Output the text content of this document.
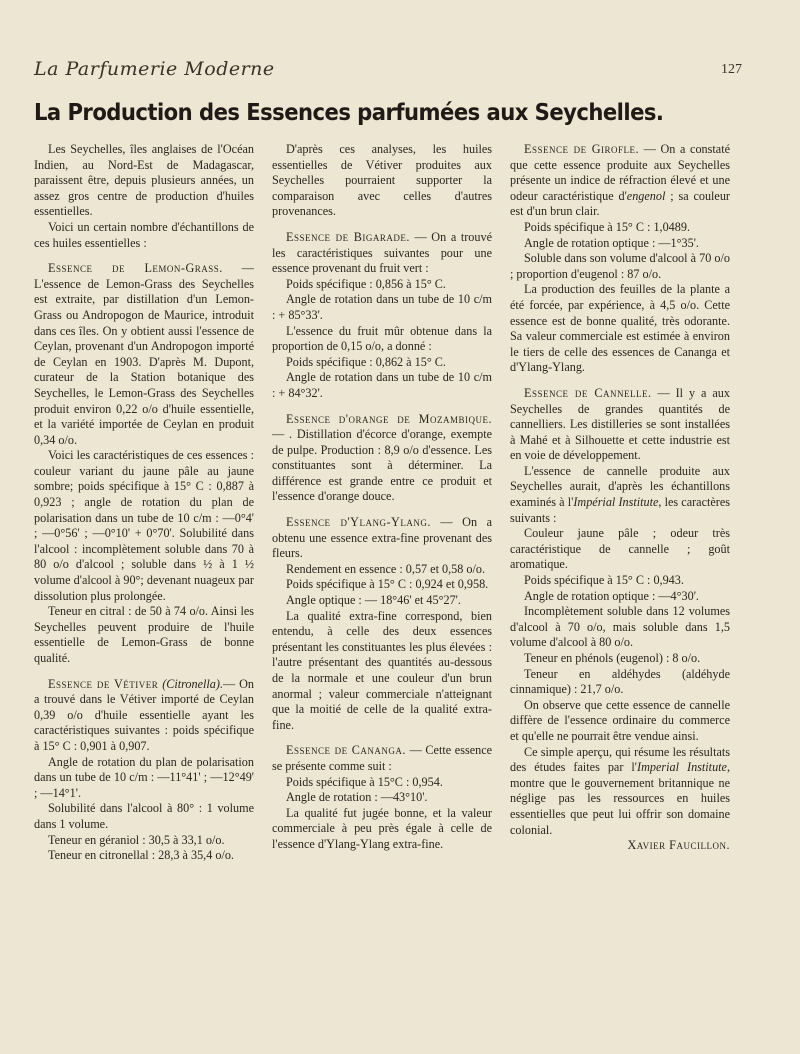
La Parfumerie Moderne	127
La Production des Essences parfumées aux Seychelles.

Les Seychelles, îles anglaises de l'Océan Indien, au Nord-Est de Madagascar, paraissent être, depuis plusieurs années, un assez gros centre de production d'huiles essentielles.

Voici un certain nombre d'échantillons de ces huiles essentielles :

Essence de Lemon-Grass. — L'essence de Lemon-Grass des Seychelles est extraite, par distillation d'un Lemon-Grass ou Andropogon de Maurice, introduit dans ces îles. On y obtient aussi l'essence de Ceylan, provenant d'un Andropogon importé de Ceylan en 1903. D'après M. Dupont, curateur de la Station botanique des Seychelles, le Lemon-Grass des Seychelles produit environ 0,22 o/o d'huile essentielle, et la variété importée de Ceylan en produit 0,34 o/o.

Voici les caractéristiques de ces essences : couleur variant du jaune pâle au jaune sombre; poids spécifique à 15° C : 0,887 à 0,923 ; angle de rotation du plan de polarisation dans un tube de 10 c/m : —0°4' ; —0°56' ; —0°10' + 0°70'. Solubilité dans l'alcool : incomplètement soluble dans 70 à 80 o/o d'alcool ; soluble dans ½ à 1 ½ volume d'alcool à 90°; devenant nuageux par dissolution plus prolongée.

Teneur en citral : de 50 à 74 o/o. Ainsi les Seychelles peuvent produire de l'huile essentielle de Lemon-Grass de bonne qualité.

Essence de Vétiver (Citronella).— On a trouvé dans le Vétiver importé de Ceylan 0,39 o/o d'huile essentielle ayant les caractéristiques suivantes : poids spécifique à 15° C : 0,901 à 0,907.

Angle de rotation du plan de polarisation dans un tube de 10 c/m : —11°41' ; —12°49' ; —14°1'.

Solubilité dans l'alcool à 80° : 1 volume dans 1 volume.

Teneur en géraniol : 30,5 à 33,1 o/o.

Teneur en citronellal : 28,3 à 35,4 o/o.

D'après ces analyses, les huiles essentielles de Vétiver produites aux Seychelles pourraient supporter la comparaison avec celles d'autres provenances.

Essence de Bigarade. — On a trouvé les caractéristiques suivantes pour une essence provenant du fruit vert :

Poids spécifique : 0,856 à 15° C.

Angle de rotation dans un tube de 10 c/m : + 85°33'.

L'essence du fruit mûr obtenue dans la proportion de 0,15 o/o, a donné :

Poids spécifique : 0,862 à 15° C.

Angle de rotation dans un tube de 10 c/m : + 84°32'.

Essence d'orange de Mozambique. — . Distillation d'écorce d'orange, exempte de pulpe. Production : 8,9 o/o d'essence. Les constituantes sont à déterminer. La différence est grande entre ce produit et l'essence d'orange douce.

Essence d'Ylang-Ylang. — On a obtenu une essence extra-fine provenant des fleurs.

Rendement en essence : 0,57 et 0,58 o/o.

Poids spécifique à 15° C : 0,924 et 0,958.

Angle optique : — 18°46' et 45°27'.

La qualité extra-fine correspond, bien entendu, à celle des deux essences présentant les constituantes les plus élevées : l'autre présentant des quantités au-dessous de la normale et une couleur d'un brun anormal ; valeur commerciale n'atteignant que la moitié de celle de la qualité extra-fine.

Essence de Cananga. — Cette essence se présente comme suit :

Poids spécifique à 15°C : 0,954.

Angle de rotation : —43°10'.

La qualité fut jugée bonne, et la valeur commerciale à peu près égale à celle de l'essence d'Ylang-Ylang extra-fine.

Essence de Girofle. — On a constaté que cette essence produite aux Seychelles présente un indice de réfraction élevé et une odeur caractéristique d'engenol ; sa couleur est d'un brun clair.

Poids spécifique à 15° C : 1,0489.

Angle de rotation optique : —1°35'.

Soluble dans son volume d'alcool à 70 o/o ; proportion d'eugenol : 87 o/o.

La production des feuilles de la plante a été forcée, par expérience, à 4,5 o/o. Cette essence est de bonne qualité, très odorante. Sa valeur commerciale est estimée à environ le tiers de celle des essences de Cananga et d'Ylang-Ylang.

Essence de Cannelle. — Il y a aux Seychelles de grandes quantités de cannelliers. Les distilleries se sont installées à Mahé et à Silhouette et cette industrie est en voie de développement.

L'essence de cannelle produite aux Seychelles aurait, d'après les échantillons examinés à l'Impérial Institute, les caractères suivants :

Couleur jaune pâle ; odeur très caractéristique de cannelle ; goût aromatique.

Poids spécifique à 15° C : 0,943.

Angle de rotation optique : —4°30'.

Incomplètement soluble dans 12 volumes d'alcool à 70 o/o, mais soluble dans 1,5 volume d'alcool à 80 o/o.

Teneur en phénols (eugenol) : 8 o/o.

Teneur en aldéhydes (aldéhyde cinnamique) : 21,7 o/o.

On observe que cette essence de cannelle diffère de l'essence ordinaire du commerce et qu'elle ne pourrait être vendue ainsi.

Ce simple aperçu, qui résume les résultats des études faites par l'Imperial Institute, montre que le gouvernement britannique ne néglige pas les ressources en huiles essentielles que peut lui offrir son domaine colonial.

Xavier Faucillon.
